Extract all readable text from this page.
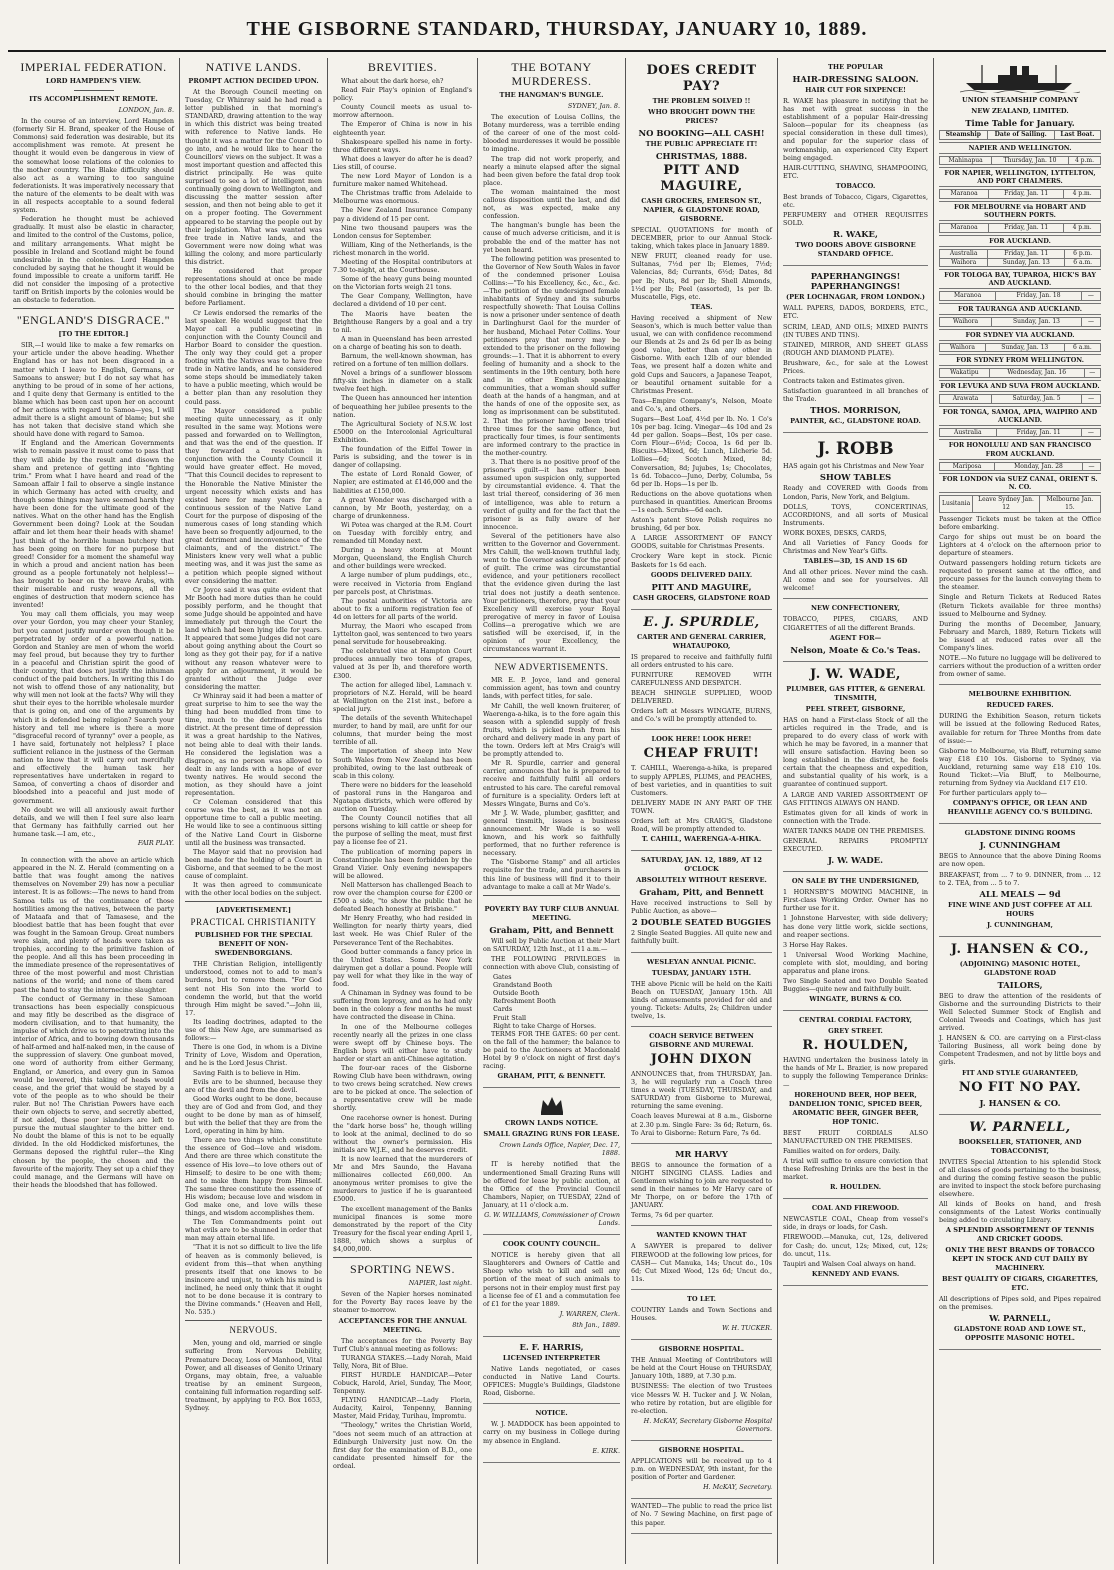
THE GISBORNE STANDARD, THURSDAY, JANUARY 10, 1889.
IMPERIAL FEDERATION.
LORD HAMPDEN'S VIEW.
ITS ACCOMPLISHMENT REMOTE.
LONDON, Jan. 8.

In the course of an interview, Lord Hampden (formerly Sir H. Brand, speaker of the House of Commons) said federation was desirable, but its accomplishment was remote. At present he thought it would even be dangerous in view of the somewhat loose relations of the colonies to the mother country. The Blake difficulty should also act as a warning to too sanguine federationists. It was imperatively necessary that the nature of the elements to be dealt with was in all respects acceptable to a sound federal system.

Federation he thought must be achieved gradually. It must also be elastic in character, and limited to the control of the Customs, police, and military arrangements. What might be possible in Ireland and Scotland might be found undesirable in the colonies. Lord Hampden concluded by saying that he thought it would be found impossible to create a uniform tariff. He did not consider the imposing of a protective tariff on British imports by the colonies would be an obstacle to federation.

"ENGLAND'S DISGRACE."
[TO THE EDITOR.]

SIR,—I would like to make a few remarks on your article under the above heading. Whether England has or has not been disgraced in a matter which I leave to English, Germans, or Samoans to answer; but I do not say what has anything to be proud of in some of her actions, and I quite deny that Germany is entitled to the blame which has been cast upon her on account of her actions with regard to Samoa—yes, I will admit there is a slight amount of blame; but she has not taken that decisive stand which she should have done with regard to Samoa.

If England and the American Governments wish to remain passive it must come to pass that they will abide by the result and disown the sham and pretence of getting into "fighting trim." From what I have heard and read of the Samoan affair I fail to observe a single instance in which Germany has acted with cruelty, and though some things may have seemed harsh they have been done for the ultimate good of the natives. What on the other hand has the English Government been doing? Look at the Soudan affair and let them hear their heads with shame! Just think of the horrible human butchery that has been going on there for no purpose but greed! Consider for a moment the shameful way in which a proud and ancient nation has been ground as a people fortunately not helpless!—has brought to bear on the brave Arabs, with their miserable and rusty weapons, all the engines of destruction that modern science has invented!

You may call them officials, you may weep over your Gordon, you may cheer your Stanley, but you cannot justify murder even though it be perpetrated by order of a powerful nation. Gordon and Stanley are men of whom the world may feel proud, but because they try to further in a peaceful and Christian spirit the good of their country, that does not justify the inhuman conduct of the paid butchers. In writing this I do not wish to offend those of any nationality, but why will men not look at the facts? Why will they shut their eyes to the horrible wholesale murder that is going on, and one of the arguments by which it is defended being religion? Search your history and tell me where is there a more "disgraceful record of tyranny" over a people, as I have said, fortunately not helpless? I place sufficient reliance in the justness of the German nation to know that it will carry out mercifully and effectively the human task her representatives have undertaken in regard to Samoa, of converting a chaos of disorder and bloodshed into a peaceful and just mode of government.

No doubt we will all anxiously await further details, and we will then I feel sure also learn that Germany has faithfully carried out her humane task.—I am, etc.,

FAIR PLAY.

In connection with the above an article which appeared in the N. Z. Herald (commenting on a battle that was fought among the natives themselves on November 29) has now a peculiar interest. It is as follows:—The news to hand from Samoa tells us of the continuance of those hostilities among the natives, between the party of Mataafa and that of Tamasese, and the bloodiest battle that has been fought that ever was fought in the Samoan Group. Great numbers were slain, and plenty of heads were taken as trophies, according to the primitive fashion of the people. And all this has been proceeding in the immediate presence of the representatives of three of the most powerful and most Christian nations of the world; and none of them cared past the hand to stay the internecine slaughter.

The conduct of Germany in these Samoan transactions has been especially conspicuous and may fitly be described as the disgrace of modern civilisation, and to that humanity, the impulse of which drive us to penetrating into the interior of Africa, and to bowing down thousands of half-armed and half-naked men, in the cause of the suppression of slavery. One gunboat moved, one word of authority from either Germany, England, or America, and every gun in Samoa would be lowered, this taking of heads would cease, and the grief that would be stayed by a vote of the people as to who should be their ruler. But no! The Christian Powers have each their own objects to serve, and secretly abetted, if not aided, these poor islanders are left to pursue the mutual slaughter to the bitter end. No doubt the blame of this is not to be equally divided. In the old Hoddicked misfortunes, the Germans deposed the rightful ruler—the King chosen by the people, the chosen and the favourite of the majority. They set up a chief they could manage, and the Germans will have on their heads the bloodshed that has followed.

NATIVE LANDS.
PROMPT ACTION DECIDED UPON.

At the Borough Council meeting on Tuesday, Cr Whinray said he had read a letter published in that morning's STANDARD, drawing attention to the way in which this district was being treated with reference to Native lands. He thought it was a matter for the Council to go into, and he would like to hear the Councillors' views on the subject. It was a most important question and affected this district principally. He was quite surprised to see a lot of intelligent men continually going down to Wellington, and discussing the matter session after session, and then not being able to get it on a proper footing. The Government appeared to be starving the people out by their legislation. What was wanted was free trade in Native lands, and the Government were now doing what was killing the colony, and more particularly this district.

He considered that proper representations should at once be made to the other local bodies, and that they should combine in bringing the matter before Parliament.

Cr Lewis endorsed the remarks of the last speaker. He would suggest that the Mayor call a public meeting in conjunction with the County Council and Harbor Board to consider the question. The only way they could get a proper footing with the Natives was to have free trade in Native lands, and he considered some steps should be immediately taken to have a public meeting, which would be a better plan than any resolution they could pass.

The Mayor considered a public meeting quite unnecessary, as it only resulted in the same way. Motions were passed and forwarded on to Wellington, and that was the end of the question. If they forwarded a resolution in conjunction with the County Council it would have greater effect. He moved, "That this Council decides to represent to the Honorable the Native Minister the urgent necessity which exists and has existed here for many years for a continuous session of the Native Land Court for the purpose of disposing of the numerous cases of long standing which have been so frequently adjourned, to the great detriment and inconvenience of the claimants, and of the district." The Ministers knew very well what a public meeting was, and it was just the same as a petition which people signed without ever considering the matter.

Cr Joyce said it was quite evident that Mr Booth had more duties than he could possibly perform, and he thought that some Judge should be appointed and have immediately put through the Court the land which had been lying idle for years. It appeared that some Judges did not care about going anything about the Court so long as they got their pay, for if a native without any reason whatever were to apply for an adjournment, it would be granted without the Judge ever considering the matter.

Cr Whinray said it had been a matter of great surprise to him to see the way the thing had been muddled from time to time, much to the detriment of this district. At the present time of depression it was a great hardship to the Natives, not being able to deal with their lands. He considered the legislation was a disgrace, as no person was allowed to dealt in any lands with a hope of ever twenty natives. He would second the motion, as they should have a joint representation.

Cr Coleman considered that this course was the best, as it was not an opportune time to call a public meeting. He would like to see a continuous sitting of the Native Land Court in Gisborne until all the business was transacted.

The Mayor said that no provision had been made for the holding of a Court in Gisborne, and that seemed to be the most cause of complaint.

It was then agreed to communicate with the other local bodies on the subject.

[ADVERTISEMENT.]
PRACTICAL CHRISTIANITY
PUBLISHED FOR THE SPECIAL BENEFIT OF NON-SWEDENBORGIANS.

THE Christian Religion, intelligently understood, comes not to add to man's burdens, but to remove them. "For God sent not His Son into the world to condemn the world, but that the world through Him might be saved."—John iii, 17.

Its leading doctrines, adapted to the use of this New Age, are summarised as follows:—

There is one God, in whom is a Divine Trinity of Love, Wisdom and Operation, and he is the Lord Jesus Christ.

Saving Faith is to believe in Him.

Evils are to be shunned, because they are of the devil and from the devil.

Good Works ought to be done, because they are of God and from God, and they ought to be done by man as of himself, but with the belief that they are from the Lord, operating in him by him.

There are two things which constitute the essence of God—love and wisdom. And there are three which constitute the essence of His love—to love others out of Himself; to desire to be one with them; and to make them happy from Himself. The same three constitute the essence of His wisdom; because love and wisdom in God make one, and love wills these things, and wisdom accomplishes them.

The Ten Commandments point out what evils are to be shunned in order that man may attain eternal life.

"That it is not so difficult to live the life of heaven as is commonly believed, is evident from this—that when anything presents itself that one knows to be insincere and unjust, to which his mind is inclined, he need only think that it ought not to be done because it is contrary to the Divine commands." (Heaven and Hell, No. 535.)

NERVOUS.

Men, young and old, married or single suffering from Nervous Debility, Premature Decay, Loss of Manhood, Vital Power, and all diseases of Genito Urinary Organs, may obtain, free, a valuable treatise by an eminent Surgeon, containing full information regarding self-treatment, by applying to P.O. Box 1653, Sydney.

BREVITIES.

What about the dark horse, eh?

Read Fair Play's opinion of England's policy.

County Council meets as usual to-morrow afternoon.

The Emperor of China is now in his eighteenth year.

Shakespeare spelled his name in forty-three different ways.

What does a lawyer do after he is dead? Lies still, of course.

The new Lord Mayor of London is a furniture maker named Whitehead.

The Christmas traffic from Adelaide to Melbourne was enormous.

The New Zealand Insurance Company pay a dividend of 15 per cent.

Nine two thousand paupers was the London census for September.

William, King of the Netherlands, is the richest monarch in the world.

Meeting of the Hospital contributors at 7.30 to-night, at the Courthouse.

Some of the heavy guns being mounted on the Victorian forts weigh 21 tons.

The Gear Company, Wellington, have declared a dividend of 10 per cent.

The Maoris have beaten the Brighthouse Rangers by a goal and a try to nil.

A man in Queensland has been arrested on a charge of beating his son to death.

Barnum, the well-known showman, has retired on a fortune of ten million dollars.

Novel a brings of a sunflower blossom fifty-six inches in diameter on a stalk twelve feet high.

The Queen has announced her intention of bequeathing her jubilee presents to the nation.

The Agricultural Society of N.S.W. lost £5000 on the Intercolonial Agricultural Exhibition.

The foundation of the Eiffel Tower in Paris is subsiding, and the tower is in danger of collapsing.

The estate of Lord Ronald Gower, of Napier, are estimated at £146,000 and the liabilities at £150,000.

A great Wonder was discharged with a cannon, by Mr Booth, yesterday, on a charge of drunkenness.

Wi Potea was charged at the R.M. Court on Tuesday with forcibly entry, and remanded till Monday next.

During a heavy storm at Mount Morgan, Queensland, the English Church and other buildings were wrecked.

A large number of plum puddings, etc., were received in Victoria from England per parcels post, at Christmas.

The postal authorities of Victoria are about to fix a uniform registration fee of 4d on letters for all parts of the world.

Murray, the Maori who escaped from Lyttelton gaol, was sentenced to two years penal servitude for housebreaking.

The celebrated vine at Hampton Court produces annually two tons of grapes, valued at 3s per lb, and therefore worth £300.

The action for alleged libel, Lamnach v. proprietors of N.Z. Herald, will be heard at Wellington on the 21st inst., before a special jury.

The details of the seventh Whitechapel murder, to hand by mail, are unfit for our columns, that murder being the most terrible of all.

The importation of sheep into New South Wales from New Zealand has been prohibited, owing to the last outbreak of scab in this colony.

There were no bidders for the leasehold of pastoral runs in the Hangaroa and Ngatapa districts, which were offered by auction on Tuesday.

The County Council notifies that all persons wishing to kill cattle or sheep for the purpose of selling the meat, must first pay a license fee of 21.

The publication of morning papers in Constantinople has been forbidden by the Grand Vizier. Only evening newspapers will be allowed.

Nell Matterson has challenged Beach to row over the champion course for £200 or £500 a side, "to show the public that he defeated Beach honestly at Brisbane."

Mr Henry Freathy, who had resided in Wellington for nearly thirty years, died last week. He was Chief Ruler of the Perseverance Tent of the Rechabites.

Good butter commands a fancy price in the United States. Some New York dairymen get a dollar a pound. People will pay well for what they like in the way of food.

A Chinaman in Sydney was found to be suffering from leprosy, and as he had only been in the colony a few months he must have contracted the disease in China.

In one of the Melbourne colleges recently nearly all the prizes in one class were swept off by Chinese boys. The English boys will either have to study harder or start an anti-Chinese agitation.

The four-oar races of the Gisborne Rowing Club have been withdrawn, owing to two crews being scratched. New crews are to be picked at once. The selection of a representative crew will be made shortly.

One racehorse owner is honest. During the "dark horse boss" he, though willing to look at the animal, declined to do so without the owner's permission. His initials are W.J.E., and he deserves credit.

It is now learned that the murderers of Mr and Mrs Saundo, the Havana millionaires collected £60,000. An anonymous writer promises to give the murderers to justice if he is guaranteed £5000.

The excellent management of the Banks municipal finances is some more demonstrated by the report of the City Treasury for the fiscal year ending April 1, 1888, which shows a surplus of $4,000,000.

SPORTING NEWS.
NAPIER, last night.

Seven of the Napier horses nominated for the Poverty Bay races leave by the steamer to-morrow.

ACCEPTANCES FOR THE ANNUAL MEETING.

The acceptances for the Poverty Bay Turf Club's annual meeting as follows:

TURANGA STAKES.—Lady Norah, Maid Telly, Nora, Bit of Blue.

FIRST HURDLE HANDICAP.—Peter Cobuck, Harold, Ariel, Sunday, The Moor, Tenpenny.

FLYING HANDICAP.—Lady Florin, Audacity, Kairoi, Tenpenny, Banning Master, Maid Friday, Turihau, Impromtu.

"Theology," writes the Christian World, "does not seem much of an attraction at Edinburgh University just now. On the first day for the examination of B.D., one candidate presented himself for the ordeal.

THE BOTANY MURDERESS.
THE HANGMAN'S BUNGLE.
SYDNEY, Jan. 8.

The execution of Louisa Collins, the Botany murderess, was a terrible ending of the career of one of the most cold-blooded murderesses it would be possible to imagine.

The trap did not work properly, and nearly a minute elapsed after the signal had been given before the fatal drop took place.

The woman maintained the most callous disposition until the last, and did not, as was expected, make any confession.

The hangman's bungle has been the cause of much adverse criticism, and it is probable the end of the matter has not yet been heard.

The following petition was presented to the Governor of New South Wales in favor of the condemned prisoner Louisa Collins:—"To his Excellency, &c., &c., &c.—The petition of the undersigned female inhabitants of Sydney and its suburbs respectfully showeth: That Louisa Collins is now a prisoner under sentence of death in Darlinghurst Gaol for the murder of her husband, Michael Peter Collins. Your petitioners pray that mercy may be extended to the prisoner on the following grounds:—1. That it is abhorrent to every feeling of humanity and a shock to the sentiments in the 19th century, both here and in other English speaking communities, that a woman should suffer death at the hands of a hangman, and at the hands of one of the opposite sex, as long as imprisonment can be substituted. 2. That the prisoner having been tried three times for the same offence, but practically four times, is four sentiments are informed contrary to the practice in the mother-country.

3. That there is no positive proof of the prisoner's guilt—it has rather been assumed upon suspicion only, supported by circumstantial evidence. 4. That the last trial thereof, considering of 36 men of intelligence, was able to return a verdict of guilty and for the fact that the prisoner is as fully aware of her innocence.

Several of the petitioners have also written to the Governor and Government. Mrs Cahill, the well-known truthful lady, went to the Governor asking for the proof of guilt. The crime was circumstantial evidence, and your petitioners recollect that the evidence given during the last trial does not justify a death sentence. Your petitioners, therefore, pray that your Excellency will exercise your Royal prerogative of mercy in favor of Louisa Collins—a prerogative which we are satisfied will be exercised, if, in the opinion of your Excellency, the circumstances warrant it.

NEW ADVERTISEMENTS.

MR E. P. Joyce, land and general commission agent, has town and country lands, with perfect titles, for sale.

Mr Cahill, the well known fruiterer, of Waerenga-a-hika, is to the fore again this season with a splendid supply of fresh fruits, which is picked fresh from his orchard and delivery made in any part of the town. Orders left at Mrs Craig's will be promptly attended to.

Mr R. Spurdle, carrier and general carrier, announces that he is prepared to receive and faithfully fulfil all orders entrusted to his care. The careful removal of furniture is a speciality. Orders left at Messrs Wingate, Burns and Co's.

Mr J. W. Wade, plumber, gasfitter, and general tinsmith, issues a business announcement. Mr Wade is so well known, and his work so faithfully performed, that no further reference is necessary.

The "Gisborne Stamp" and all articles requisite for the trade, and purchasers in this line of business will find it to their advantage to make a call at Mr Wade's.

POVERTY BAY TURF CLUB ANNUAL MEETING.
Graham, Pitt, and Bennett

Will sell by Public Auction at their Mart on SATURDAY, 12th Inst., at 11 a.m.—

THE FOLLOWING PRIVILEGES in connection with above Club, consisting of

Gates
Grandstand Booth
Outside Booth
Refreshment Booth
Cards
Fruit Stall
Right to take Charge of Horses.

TERMS FOR THE GATES: 60 per cent. on the fall of the hammer; the balance to be paid to the Auctioneers at Macdonald Hotel by 9 o'clock on night of first day's racing.

GRAHAM, PITT, & BENNETT.
CROWN LANDS NOTICE.
SMALL GRAZING RUNS FOR LEASE.
Crown Lands Office, Napier, Dec. 17, 1888.

IT is hereby notified that the undermentioned Small Grazing Runs will be offered for lease by public auction, at the Office of the Provincial Council Chambers, Napier, on TUESDAY, 22nd of January, at 11 o'clock a.m.

G. W. WILLIAMS, Commissioner of Crown Lands.
COOK COUNTY COUNCIL.

NOTICE is hereby given that all Slaughterers and Owners of Cattle and Sheep who wish to kill and sell any portion of the meat of such animals to persons not in their employ must first pay a license fee of £1 and a commutation fee of £1 for the year 1889.

J. WARREN, Clerk.
8th Jan., 1889.
E. F. HARRIS,
LICENSED INTERPRETER

Native Lands negotiated, or cases conducted in Native Land Courts. OFFICES: Muggle's Buildings, Gladstone Road, Gisborne.

NOTICE.

W. J. MADDOCK has been appointed to carry on my business in College during my absence in England.

E. KIRK.
DOES CREDIT PAY?
THE PROBLEM SOLVED !!
WHO BROUGHT DOWN THE PRICES?
NO BOOKING—ALL CASH!
THE PUBLIC APPRECIATE IT!
CHRISTMAS, 1888.
PITT AND MAGUIRE,
CASH GROCERS, EMERSON ST., NAPIER, & GLADSTONE ROAD, GISBORNE.

SPECIAL QUOTATIONS for month of DECEMBER, prior to our Annual Stock-taking, which takes place in January 1889.

NEW FRUIT, cleaned ready for use. Sultanas, 7½d per lb; Elemes, 7½d; Valencias, 8d; Currants, 6½d; Dates, 8d per lb; Nuts, 8d per lb; Shell Almonds, 1½d per lb; Peel (assorted), 1s per lb. Muscatelle, Figs, etc.

TEAS.

Having received a shipment of New Season's, which is much better value than usual, we can with confidence recommend our Blends at 2s and 2s 6d per lb as being good value, better than any other in Gisborne. With each 12lb of our blended Teas, we present half a dozen white and gold Cups and Saucers, a Japanese Teapot, or beautiful ornament suitable for a Christmas Present.

Teas—Empire Company's, Nelson, Moate and Co.'s, and others.

Sugars—Best Loaf, 4½d per lb. No. 1 Co's 10s per bag. Icing. Vinegar—4s 10d and 2s 4d per gallon. Soaps—Best, 10s per case. Corn Flour—6½d; Cocoa, 1s 6d per lb. Biscuits—Mixed, 6d; Lunch, Lilcherie 5d. Lollies—6d; Scotch Mixed, 8d; Conversation, 8d; Jujubes, 1s; Chocolates, 1s 6d. Tobacco—Juno, Derby, Columba, 5s 6d per lb. Hops—1s per lb.

Reductions on the above quotations when purchased in quantities. American Brooms—1s each. Scrubs—6d each.

Aston's patent Stove Polish requires no brushing, 6d per box.

A LARGE ASSORTMENT OF FANCY GOODS, suitable for Christmas Presents.

Crockery Ware kept in stock. Picnic Baskets for 1s 6d each.

GOODS DELIVERED DAILY.
PITT AND MAGUIRE,
CASH GROCERS, GLADSTONE ROAD
E. J. SPURDLE,
CARTER AND GENERAL CARRIER, WHATAUPOKO,

IS prepared to receive and faithfully fulfil all orders entrusted to his care.

FURNITURE REMOVED WITH CAREFULNESS AND DESPATCH.

BEACH SHINGLE SUPPLIED, WOOD DELIVERED.

Orders left at Messrs WINGATE, BURNS, and Co.'s will be promptly attended to.

LOOK HERE! LOOK HERE!
CHEAP FRUIT!

T. CAHILL, Waerenga-a-hika, is prepared to supply APPLES, PLUMS, and PEACHES, of best varieties, and in quantities to suit Customers.

DELIVERY MADE IN ANY PART OF THE TOWN.

Orders left at Mrs CRAIG'S, Gladstone Road, will be promptly attended to.

T. CAHILL, WAERENGA-A-HIKA.
SATURDAY, JAN. 12, 1889, AT 12 O'CLOCK
ABSOLUTELY WITHOUT RESERVE.
Graham, Pitt, and Bennett

Have received instructions to Sell by Public Auction, as above—

2 DOUBLE SEATED BUGGIES

2 Single Seated Buggies. All quite new and faithfully built.

WESLEYAN ANNUAL PICNIC.
TUESDAY, JANUARY 15TH.

THE above Picnic will be held on the Kaiti Beach on TUESDAY, January 15th. All kinds of amusements provided for old and young. Tickets: Adults, 2s; Children under twelve, 1s.

COACH SERVICE BETWEEN GISBORNE AND MUREWAI.
JOHN DIXON

ANNOUNCES that, from THURSDAY, Jan. 3, he will regularly run a Coach three times a week (TUESDAY, THURSDAY, and SATURDAY) from Gisborne to Murewai, returning the same evening.

Coach leaves Murewai at 8 a.m., Gisborne at 2.30 p.m. Single Fare: 3s 6d; Return, 6s. To Arai to Gisborne: Return Fare, 7s 6d.

MR HARVY

BEGS to announce the formation of a NIGHT SINGING CLASS. Ladies and Gentlemen wishing to join are requested to send in their names to Mr Harvy care of Mr Thorpe, on or before the 17th of JANUARY.

Terms, 7s 6d per quarter.

WANTED KNOWN THAT

A SAWYER is prepared to deliver FIREWOOD at the following low prices, for CASH— Cut Manuka, 14s; Uncut do., 10s 6d; Cut Mixed Wood, 12s 6d; Uncut do., 11s.

TO LET.

COUNTRY Lands and Town Sections and Houses.

W. H. TUCKER.
GISBORNE HOSPITAL.

THE Annual Meeting of Contributors will be held at the Court House on THURSDAY, January 10th, 1889, at 7.30 p.m.

BUSINESS: The election of two Trustees vice Messrs W. H. Tucker and J. W. Nolan, who retire by rotation, but are eligible for re-election.

H. McKAY, Secretary Gisborne Hospital Governors.
GISBORNE HOSPITAL.

APPLICATIONS will be received up to 4 p.m. on WEDNESDAY, 9th instant, for the position of Porter and Gardener.

H. McKAY, Secretary.

WANTED—The public to read the price list of No. 7 Sewing Machine, on first page of this paper.

THE POPULAR
HAIR-DRESSING SALOON.
HAIR CUT FOR SIXPENCE!

R. WAKE has pleasure in notifying that he has met with great success in the establishment of a popular Hair-dressing Saloon—popular for its cheapness (as special consideration in these dull times), and popular for the superior class of workmanship, an experienced City Expert being engaged.

HAIR-CUTTING, SHAVING, SHAMPOOING, ETC.

TOBACCO.

Best brands of Tobacco, Cigars, Cigarettes, etc.

PERFUMERY and OTHER REQUISITES SOLD.

R. WAKE,
TWO DOORS ABOVE GISBORNE STANDARD OFFICE.
PAPERHANGINGS! PAPERHANGINGS!
(PER LOCHNAGAR, FROM LONDON.)

WALL PAPERS, DADOS, BORDERS, ETC., ETC.

SCRIM, LEAD, AND OILS; MIXED PAINTS (IN TUBES AND TINS).

STAINED, MIRROR, AND SHEET GLASS (ROUGH AND DIAMOND PLATE).

Brushware, &c., for sale at the Lowest Prices.

Contracts taken and Estimates given.

Satisfaction guaranteed in all branches of the Trade.

THOS. MORRISON,
PAINTER, &C., GLADSTONE ROAD.
J. ROBB

HAS again got his Christmas and New Year

SHOW TABLES

Ready and COVERED with Goods from London, Paris, New York, and Belgium.

DOLLS, TOYS, CONCERTINAS, ACCORDIONS, and all sorts of Musical Instruments.

WORK BOXES, DESKS, CARDS,

And all Varieties of Fancy Goods for Christmas and New Year's Gifts.

TABLES—3D, 1S AND 1S 6D

And all other prices. Never mind the cash. All come and see for yourselves. All welcome!

NEW CONFECTIONERY,

TOBACCO, PIPES, CIGARS, AND CIGARETTES of all the different Brands.

AGENT FOR—
Nelson, Moate & Co.'s Teas.
J. W. WADE,
PLUMBER, GAS FITTER, & GENERAL TINSMITH,
PEEL STREET, GISBORNE,

HAS on hand a First-class Stock of all the articles required in the Trade, and is prepared to do every class of work with which he may be favored, in a manner that will ensure satisfaction. Having been so long established in the district, he feels certain that the cheapness and expedition, and substantial quality of his work, is a guarantee of continued support.

A LARGE AND VARIED ASSORTMENT OF GAS FITTINGS ALWAYS ON HAND.

Estimates given for all kinds of work in connection with the Trade.

WATER TANKS MADE ON THE PREMISES.

GENERAL REPAIRS PROMPTLY EXECUTED.

J. W. WADE.
ON SALE BY THE UNDERSIGNED,

1 HORNSBY'S MOWING MACHINE, in First-class Working Order. Owner has no further use for it.

1 Johnstone Harvester, with side delivery; has done very little work, sickle sections, and reaper sections.

3 Horse Hay Rakes.

1 Universal Wood Working Machine, complete with slot, moulding, and boring apparatus and plane irons.

Two Single Seated and two Double Seated Buggies—quite new and faithfully built.

WINGATE, BURNS & CO.
CENTRAL CORDIAL FACTORY,
GREY STREET.
R. HOULDEN,

HAVING undertaken the business lately in the hands of Mr L. Brazier, is now prepared to supply the following Temperance Drinks:—

HOREHOUND BEER, HOP BEER, DANDELION TONIC, SPICED BEER, AROMATIC BEER, GINGER BEER, HOP TONIC.

BEST FRUIT CORDIALS ALSO MANUFACTURED ON THE PREMISES.

Families waited on for orders, Daily.

A trial will suffice to ensure conviction that these Refreshing Drinks are the best in the market.

R. HOULDEN.
COAL AND FIREWOOD.

NEWCASTLE COAL, Cheap from vessel's side, in drays or loads, for Cash.

FIREWOOD.—Manuka, cut, 12s, delivered for Cash; do. uncut, 12s; Mixed, cut, 12s; do. uncut, 11s.

Taupiri and Walsen Coal always on hand.

KENNEDY AND EVANS.
UNION STEAMSHIP COMPANY
NEW ZEALAND, LIMITED.
Time Table for January.
Steamship	Date of Sailing.	Last Boat.
NAPIER AND WELLINGTON.
Mahinapua	Thursday, Jan. 10	4 p.m.
FOR NAPIER, WELLINGTON, LYTTELTON, AND PORT CHALMERS.
Maranoa	Friday, Jan. 11	4 p.m.
FOR MELBOURNE via HOBART AND SOUTHERN PORTS.
Maranoa	Friday, Jan. 11	4 p.m.
FOR AUCKLAND.
Australia	Friday, Jan. 11	6 p.m.
Waihora	Sunday, Jan. 13	6 a.m.
FOR TOLOGA BAY, TUPAROA, HICK'S BAY AND AUCKLAND.
Maranoa	Friday, Jan. 18	—
FOR TAURANGA AND AUCKLAND.
Waihora	Sunday, Jan. 13	—
FOR SYDNEY VIA AUCKLAND.
Waihora	Sunday, Jan. 13	6 a.m.
FOR SYDNEY FROM WELLINGTON.
Wakatipu	Wednesday, Jan. 16	—
FOR LEVUKA AND SUVA FROM AUCKLAND.
Arawata	Saturday, Jan. 5	—
FOR TONGA, SAMOA, APIA, WAIPIRO AND AUCKLAND.
Australia	Friday, Jan. 11	—
FOR HONOLULU AND SAN FRANCISCO FROM AUCKLAND.
Mariposa	Monday, Jan. 28	—
FOR LONDON via SUEZ CANAL, ORIENT S. N. CO.
Lusitania	Leave Sydney Jan. 12	Melbourne Jan. 15.

Passenger Tickets must be taken at the Office before embarking.

Cargo for ships out must be on board the Lighters at 4 o'clock on the afternoon prior to departure of steamers.

Outward passengers holding return tickets are requested to present same at the office, and procure passes for the launch conveying them to the steamer.

Single and Return Tickets at Reduced Rates (Return Tickets available for three months) issued to Melbourne and Sydney.

During the months of December, January, February and March, 1889, Return Tickets will be issued at reduced rates over all the Company's lines.

NOTE.—No future no luggage will be delivered to carriers without the production of a written order from owner of same.

MELBOURNE EXHIBITION.
REDUCED FARES.

DURING the Exhibition Season, return tickets will be issued at the following Reduced Rates, available for return for Three Months from date of issue:—

Gisborne to Melbourne, via Bluff, returning same way £18 £10 10s. Gisborne to Sydney, via Auckland, returning same way £18 £10 10s. Round Ticket:—Via Bluff, to Melbourne, returning from Sydney via Auckland £17 £10.

For further particulars apply to—

COMPANY'S OFFICE, OR LEAN AND HEANVILLE AGENCY CO.'S BUILDING.
GLADSTONE DINING ROOMS
J. CUNNINGHAM

BEGS to Announce that the above Dining Rooms are now open.

BREAKFAST, from ... 7 to 9. DINNER, from ... 12 to 2. TEA, from ... 5 to 7.

ALL MEALS — 9d
FINE WINE AND JUST COFFEE AT ALL HOURS
J. CUNNINGHAM,
J. HANSEN & CO.,
(ADJOINING) MASONIC HOTEL, GLADSTONE ROAD
TAILORS,

BEG to draw the attention of the residents of Gisborne and the surrounding Districts to their Well Selected Summer Stock of English and Colonial Tweeds and Coatings, which has just arrived.

J. HANSEN & CO. are carrying on a First-class Tailoring Business, all work being done by Competent Tradesmen, and not by little boys and girls.

FIT AND STYLE GUARANTEED,
NO FIT NO PAY.
J. HANSEN & CO.
W. PARNELL,
BOOKSELLER, STATIONER, AND TOBACCONIST,

INVITES Special Attention to his splendid Stock of all classes of goods pertaining to the business, and during the coming festive season the public are invited to inspect the stock before purchasing elsewhere.

All kinds of Books on hand, and fresh consignments of the Latest Works continually being added to circulating Library.

A SPLENDID ASSORTMENT OF TENNIS AND CRICKET GOODS.
ONLY THE BEST BRANDS OF TOBACCO KEPT IN STOCK AND CUT DAILY BY MACHINERY.
BEST QUALITY OF CIGARS, CIGARETTES, ETC.

All descriptions of Pipes sold, and Pipes repaired on the premises.

W. PARNELL,
GLADSTONE ROAD AND LOWE ST., OPPOSITE MASONIC HOTEL.
